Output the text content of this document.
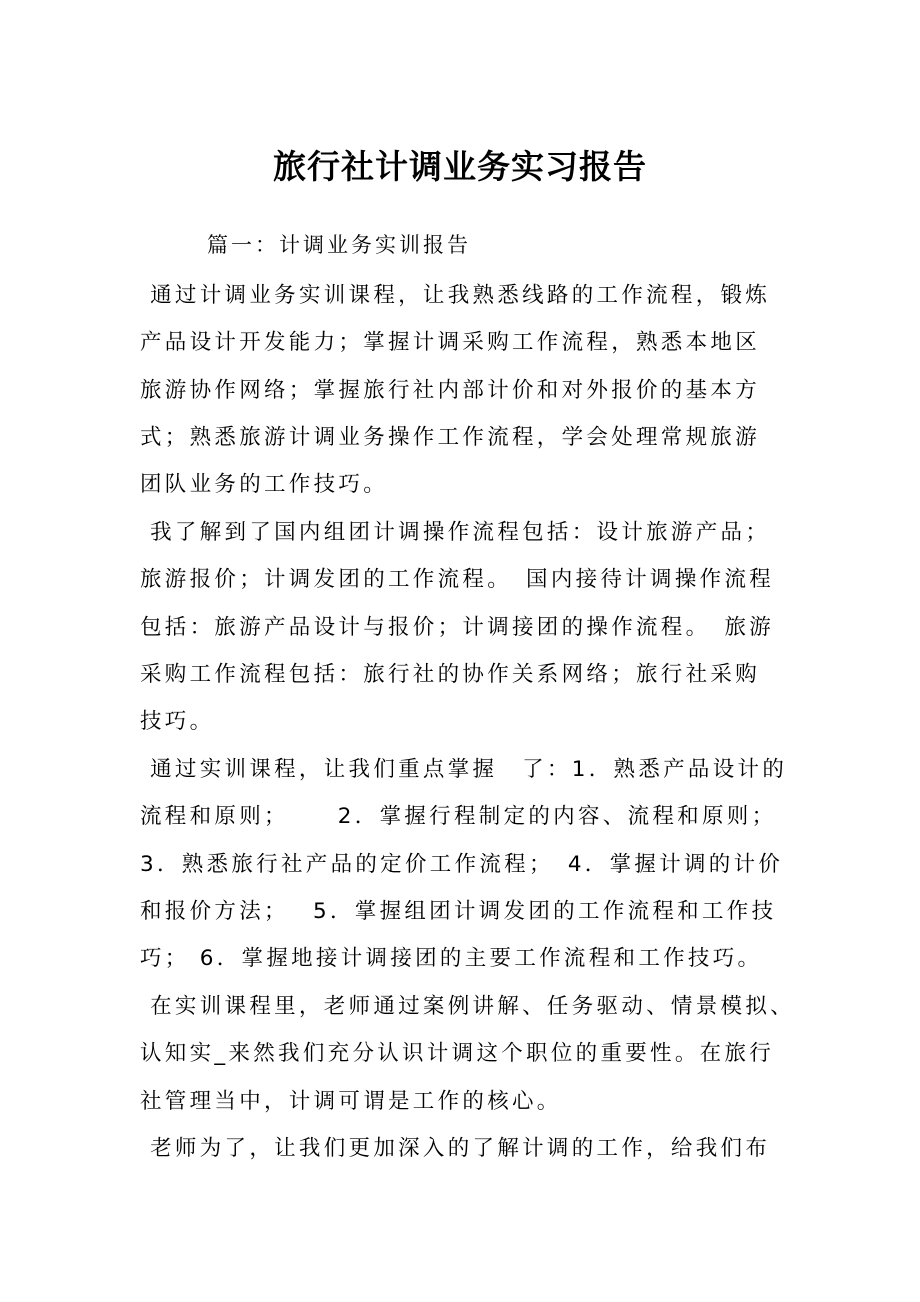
旅行社计调业务实习报告
篇一：计调业务实训报告
通过计调业务实训课程，让我熟悉线路的工作流程，锻炼
产品设计开发能力；掌握计调采购工作流程，熟悉本地区
旅游协作网络；掌握旅行社内部计价和对外报价的基本方
式；熟悉旅游计调业务操作工作流程，学会处理常规旅游
团队业务的工作技巧。
我了解到了国内组团计调操作流程包括：设计旅游产品；
旅游报价；计调发团的工作流程。　国内接待计调操作流程
包括：旅游产品设计与报价；计调接团的操作流程。　旅游
采购工作流程包括：旅行社的协作关系网络；旅行社采购
技巧。
通过实训课程，让我们重点掌握　了：1．熟悉产品设计的
流程和原则；　　 2．掌握行程制定的内容、流程和原则；
3．熟悉旅行社产品的定价工作流程；　4．掌握计调的计价
和报价方法；　 5．掌握组团计调发团的工作流程和工作技
巧； 6．掌握地接计调接团的主要工作流程和工作技巧。
在实训课程里，老师通过案例讲解、任务驱动、情景模拟、
认知实_来然我们充分认识计调这个职位的重要性。在旅行
社管理当中，计调可谓是工作的核心。
老师为了，让我们更加深入的了解计调的工作，给我们布
